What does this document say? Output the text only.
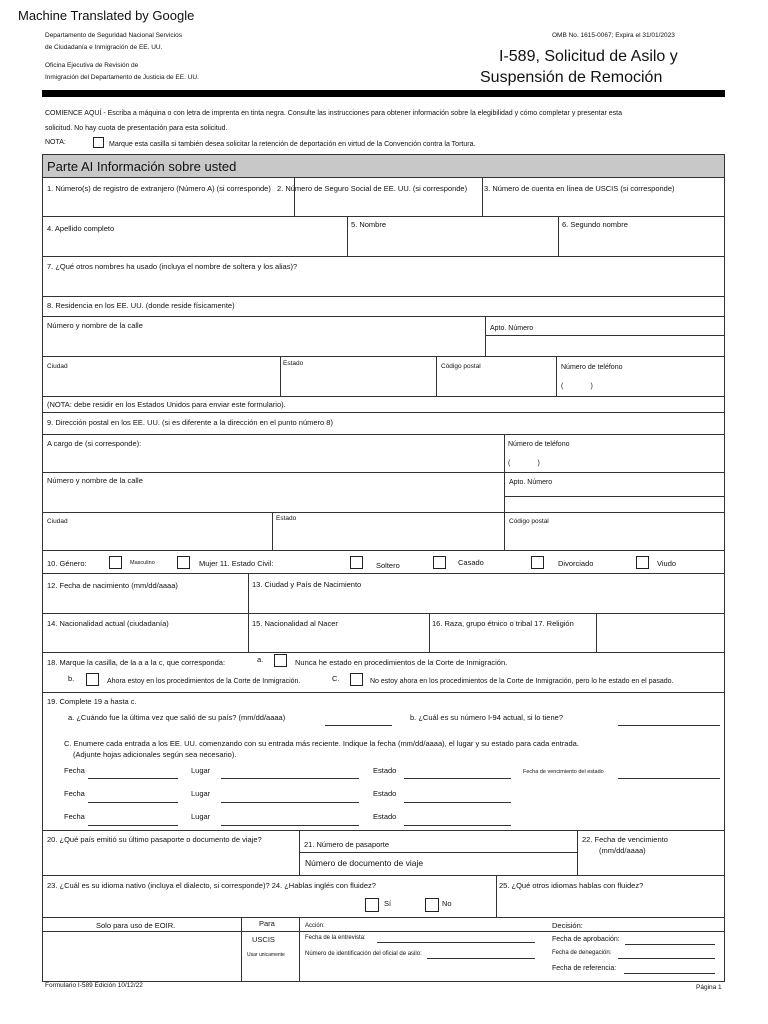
Machine Translated by Google
Departamento de Seguridad Nacional Servicios
de Ciudadanía e Inmigración de EE. UU.
Oficina Ejecutiva de Revisión de
Inmigración del Departamento de Justicia de EE. UU.
OMB No. 1615-0067; Expira el 31/01/2023
I-589, Solicitud de Asilo y
Suspensión de Remoción
COMIENCE AQUÍ - Escriba a máquina o con letra de imprenta en tinta negra. Consulte las instrucciones para obtener información sobre la elegibilidad y cómo completar y presentar esta
solicitud. No hay cuota de presentación para esta solicitud.
NOTA:	Marque esta casilla si también desea solicitar la retención de deportación en virtud de la Convención contra la Tortura.
Parte AI Información sobre usted
1. Número(s) de registro de extranjero (Número A) (si corresponde) 2. Número de Seguro Social de EE. UU. (si corresponde) 3. Número de cuenta en línea de USCIS (si corresponde)
4. Apellido completo	5. Nombre	6. Segundo nombre
7. ¿Qué otros nombres ha usado (incluya el nombre de soltera y los alias)?
8. Residencia en los EE. UU. (donde reside físicamente)
Número y nombre de la calle	Apto. Número
Ciudad	Estado	Código postal	Número de teléfono
(              )
(NOTA: debe residir en los Estados Unidos para enviar este formulario).
9. Dirección postal en los EE. UU. (si es diferente a la dirección en el punto número 8)
A cargo de (si corresponde):	Número de teléfono
(              )
Número y nombre de la calle	Apto. Número
Ciudad	Estado	Código postal
10. Género:	Masculino	Mujer 11. Estado Civil:	Soltero	Casado	Divorciado	Viudo
12. Fecha de nacimiento (mm/dd/aaaa)	13. Ciudad y País de Nacimiento
14. Nacionalidad actual (ciudadanía)	15. Nacionalidad al Nacer	16. Raza, grupo étnico o tribal 17. Religión
18. Marque la casilla, de la a a la c, que corresponda:	a.	Nunca he estado en procedimientos de la Corte de Inmigración.
b.	Ahora estoy en los procedimientos de la Corte de Inmigración.	C.	No estoy ahora en los procedimientos de la Corte de Inmigración, pero lo he estado en el pasado.
19. Complete 19 a hasta c.
a. ¿Cuándo fue la última vez que salió de su país? (mm/dd/aaaa)	b. ¿Cuál es su número I-94 actual, si lo tiene?
C. Enumere cada entrada a los EE. UU. comenzando con su entrada más reciente. Indique la fecha (mm/dd/aaaa), el lugar y su estado para cada entrada.
(Adjunte hojas adicionales según sea necesario).
Fecha	Lugar	Estado	Fecha de vencimiento del estado
Fecha	Lugar	Estado
Fecha	Lugar	Estado
20. ¿Qué país emitió su último pasaporte o documento de viaje?
21. Número de pasaporte
Número de documento de viaje
22. Fecha de vencimiento
(mm/dd/aaaa)
23. ¿Cuál es su idioma nativo (incluya el dialecto, si corresponde)? 24. ¿Hablas inglés con fluidez?
Sí	No
25. ¿Qué otros idiomas hablas con fluidez?
Solo para uso de EOIR.	Para
USCIS
Usar unicamente
Acción:
Fecha de la entrevista:
Número de identificación del oficial de asilo:
Decisión:
Fecha de aprobación:
Fecha de denegación:
Fecha de referencia:
Formulario I-589 Edición 10/12/22	Página 1
